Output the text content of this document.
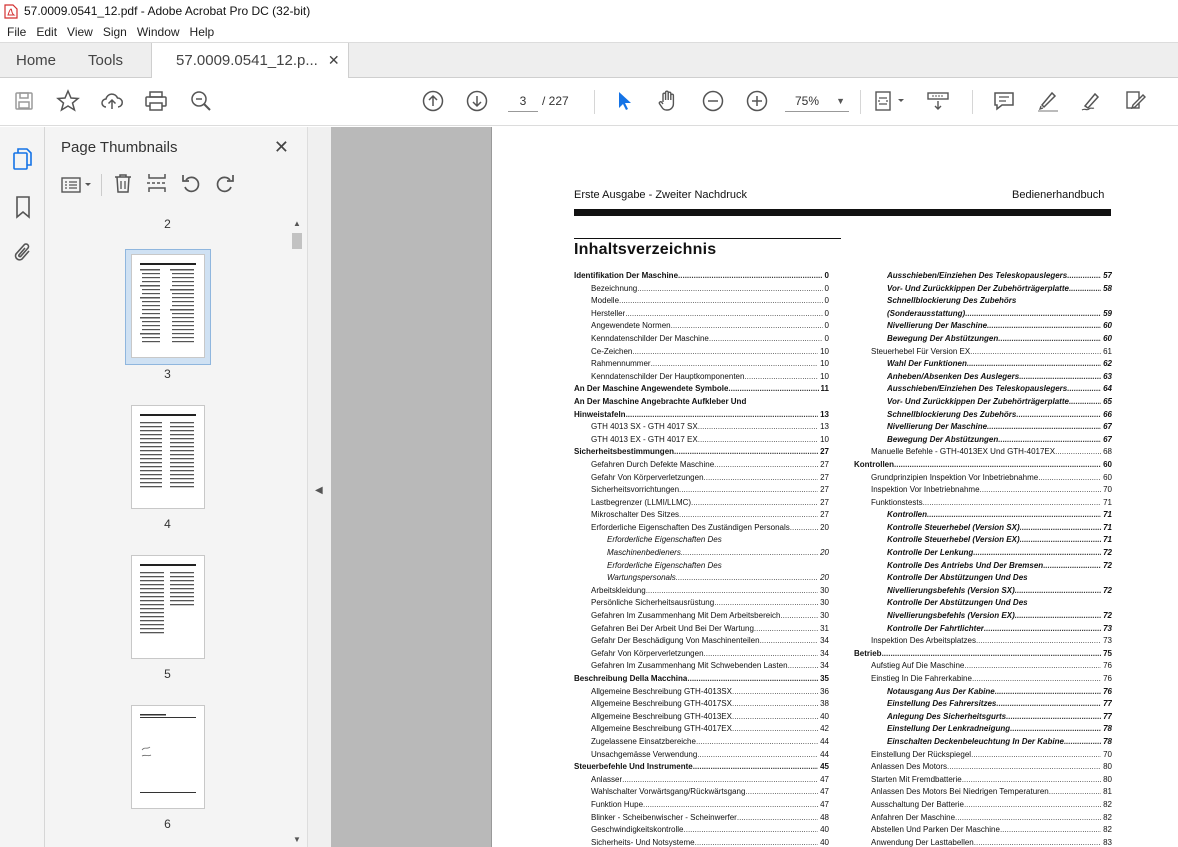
57.0009.0541_12.pdf - Adobe Acrobat Pro DC (32-bit)
File Edit View Sign Window Help
Home	Tools	57.0009.0541_12.p... ✕
3	/ 227	75% ▼
Page Thumbnails	✕
2
3
4
5
6
▲
▼
◀
Erste Ausgabe - Zweiter Nachdruck	Bedienerhandbuch
Inhaltsverzeichnis
Identifikation Der Maschine .....	0
Bezeichnung .....	0
Modelle .....	0
Hersteller .....	0
Angewendete Normen .....	0
Kenndatenschilder Der Maschine .....	0
Ce-Zeichen .....	10
Rahmennummer .....	10
Kenndatenschilder Der Hauptkomponenten .....	10
An Der Maschine Angewendete Symbole .....	11
An Der Maschine Angebrachte Aufkleber Und
Hinweistafeln .....	13
GTH 4013 SX - GTH 4017 SX .....	13
GTH 4013 EX - GTH 4017 EX .....	10
Sicherheitsbestimmungen .....	27
Gefahren Durch Defekte Maschine .....	27
Gefahr Von Körperverletzungen .....	27
Sicherheitsvorrichtungen .....	27
Lastbegrenzer (LLMI/LLMC) .....	27
Mikroschalter Des Sitzes .....	27
Erforderliche Eigenschaften Des Zuständigen Personals .....	20
Erforderliche Eigenschaften Des
Maschinenbedieners .....	20
Erforderliche Eigenschaften Des
Wartungspersonals .....	20
Arbeitskleidung .....	30
Persönliche Sicherheitsausrüstung .....	30
Gefahren Im Zusammenhang Mit Dem Arbeitsbereich .....	30
Gefahren Bei Der Arbeit Und Bei Der Wartung .....	31
Gefahr Der Beschädigung Von Maschinenteilen .....	34
Gefahr Von Körperverletzungen .....	34
Gefahren Im Zusammenhang Mit Schwebenden Lasten .....	34
Beschreibung Della Macchina .....	35
Allgemeine Beschreibung GTH-4013SX .....	36
Allgemeine Beschreibung GTH-4017SX .....	38
Allgemeine Beschreibung GTH-4013EX .....	40
Allgemeine Beschreibung GTH-4017EX .....	42
Zugelassene Einsatzbereiche .....	44
Unsachgemässe Verwendung .....	44
Steuerbefehle Und Instrumente .....	45
Anlasser .....	47
Wahlschalter Vorwärtsgang/Rückwärtsgang .....	47
Funktion Hupe .....	47
Blinker - Scheibenwischer - Scheinwerfer .....	48
Geschwindigkeitskontrolle .....	40
Sicherheits- Und Notsysteme .....	40
Ausschieben/Einziehen Des Teleskopauslegers .....	57
Vor- Und Zurückkippen Der Zubehörträgerplatte .....	58
Schnellblockierung Des Zubehörs
(Sonderausstattung) .....	59
Nivellierung Der Maschine .....	60
Bewegung Der Abstützungen .....	60
Steuerhebel Für Version EX .....	61
Wahl Der Funktionen .....	62
Anheben/Absenken Des Auslegers .....	63
Ausschieben/Einziehen Des Teleskopauslegers .....	64
Vor- Und Zurückkippen Der Zubehörträgerplatte .....	65
Schnellblockierung Des Zubehörs .....	66
Nivellierung Der Maschine .....	67
Bewegung Der Abstützungen .....	67
Manuelle Befehle - GTH-4013EX Und GTH-4017EX .....	68
Kontrollen .....	60
Grundprinzipien Inspektion Vor Inbetriebnahme .....	60
Inspektion Vor Inbetriebnahme .....	70
Funktionstests .....	71
Kontrollen .....	71
Kontrolle Steuerhebel (Version SX) .....	71
Kontrolle Steuerhebel (Version EX) .....	71
Kontrolle Der Lenkung .....	72
Kontrolle Des Antriebs Und Der Bremsen .....	72
Kontrolle Der Abstützungen Und Des
Nivellierungsbefehls (Version SX) .....	72
Kontrolle Der Abstützungen Und Des
Nivellierungsbefehls (Version EX) .....	72
Kontrolle Der Fahrtlichter .....	73
Inspektion Des Arbeitsplatzes .....	73
Betrieb .....	75
Aufstieg Auf Die Maschine .....	76
Einstieg In Die Fahrerkabine .....	76
Notausgang Aus Der Kabine .....	76
Einstellung Des Fahrersitzes .....	77
Anlegung Des Sicherheitsgurts .....	77
Einstellung Der Lenkradneigung .....	78
Einschalten Deckenbeleuchtung In Der Kabine .....	78
Einstellung Der Rückspiegel .....	70
Anlassen Des Motors .....	80
Starten Mit Fremdbatterie .....	80
Anlassen Des Motors Bei Niedrigen Temperaturen .....	81
Ausschaltung Der Batterie .....	82
Anfahren Der Maschine .....	82
Abstellen Und Parken Der Maschine .....	82
Anwendung Der Lasttabellen .....	83
